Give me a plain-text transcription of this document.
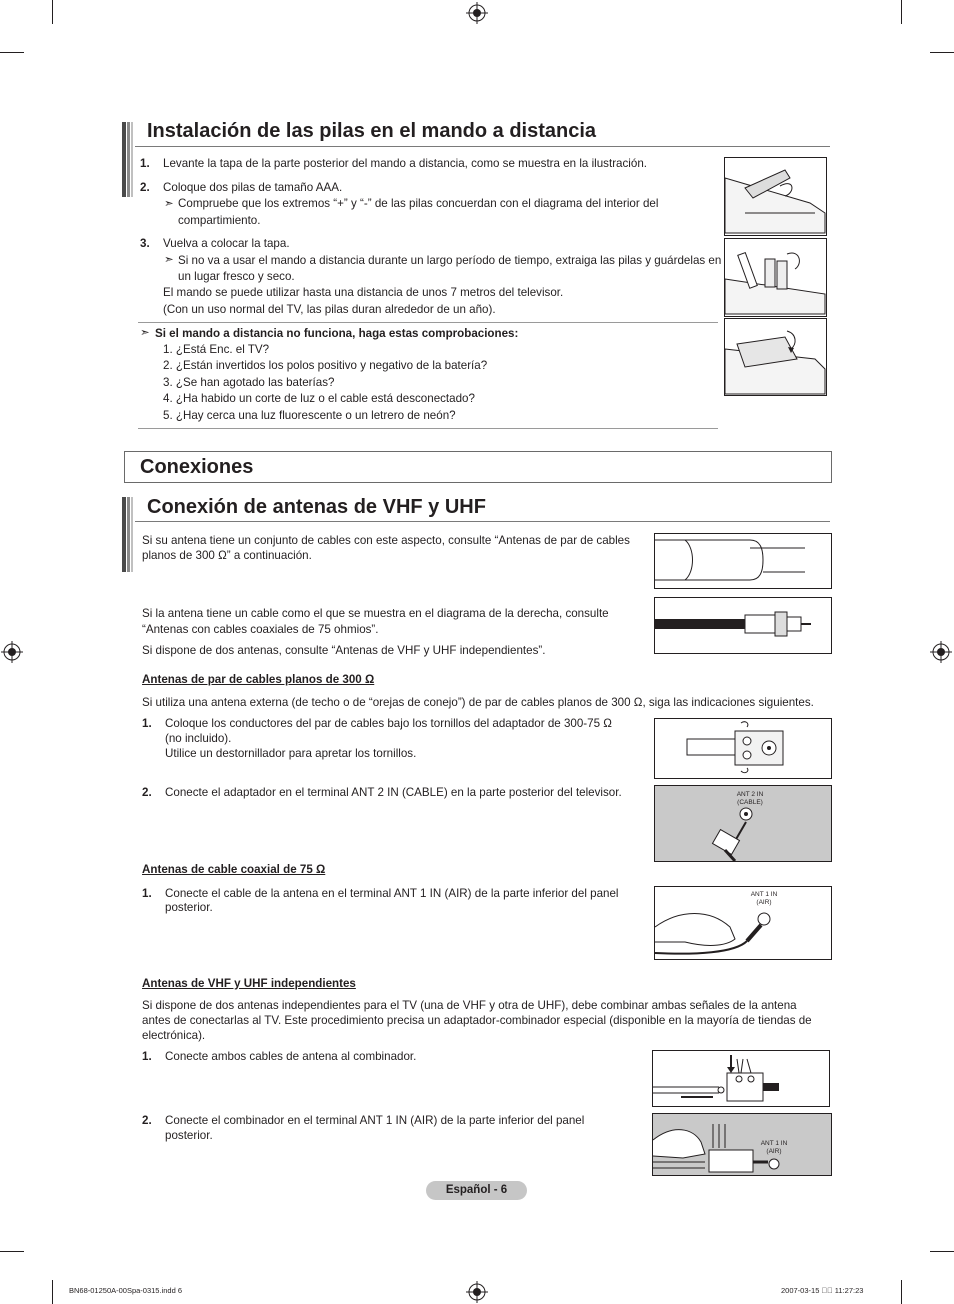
Instalación de las pilas en el mando a distancia
1. Levante la tapa de la parte posterior del mando a distancia, como se muestra en la ilustración.
2. Coloque dos pilas de tamaño AAA.
➣ Compruebe que los extremos “+” y “-” de las pilas concuerdan con el diagrama del interior del
compartimiento.
3. Vuelva a colocar la tapa.
➣ Si no va a usar el mando a distancia durante un largo período de tiempo, extraiga las pilas y guárdelas en
un lugar fresco y seco.
El mando se puede utilizar hasta una distancia de unos 7 metros del televisor.
(Con un uso normal del TV, las pilas duran alrededor de un año).
➣ Si el mando a distancia no funciona, haga estas comprobaciones:
1. ¿Está Enc. el TV?
2. ¿Están invertidos los polos positivo y negativo de la batería?
3. ¿Se han agotado las baterías?
4. ¿Ha habido un corte de luz o el cable está desconectado?
5. ¿Hay cerca una luz fluorescente o un letrero de neón?
Conexiones
Conexión de antenas de VHF y UHF
Si su antena tiene un conjunto de cables con este aspecto, consulte “Antenas de par de cables
planos de 300 Ω” a continuación.
Si la antena tiene un cable como el que se muestra en el diagrama de la derecha, consulte
“Antenas con cables coaxiales de 75 ohmios”.
Si dispone de dos antenas, consulte “Antenas de VHF y UHF independientes”.
Antenas de par de cables planos de 300 Ω
Si utiliza una antena externa (de techo o de “orejas de conejo”) de par de cables planos de 300 Ω, siga las indicaciones siguientes.
1. Coloque los conductores del par de cables bajo los tornillos del adaptador de 300-75 Ω
(no incluido).
Utilice un destornillador para apretar los tornillos.
2. Conecte el adaptador en el terminal ANT 2 IN (CABLE) en la parte posterior del televisor.	ANT 2 IN
(CABLE)
Antenas de cable coaxial de 75 Ω
1. Conecte el cable de la antena en el terminal ANT 1 IN (AIR) de la parte inferior del panel
posterior.
ANT 1 IN
(AIR)
Antenas de VHF y UHF independientes
Si dispone de dos antenas independientes para el TV (una de VHF y otra de UHF), debe combinar ambas señales de la antena
antes de conectarlas al TV. Este procedimiento precisa un adaptador-combinador especial (disponible en la mayoría de tiendas de
electrónica).
1. Conecte ambos cables de antena al combinador.
2. Conecte el combinador en el terminal ANT 1 IN (AIR) de la parte inferior del panel
posterior.
ANT 1 IN
(AIR)
Español - 6
BN68-01250A-00Spa-0315.indd 6	2007-03-15 ￿￿ 11:27:23
